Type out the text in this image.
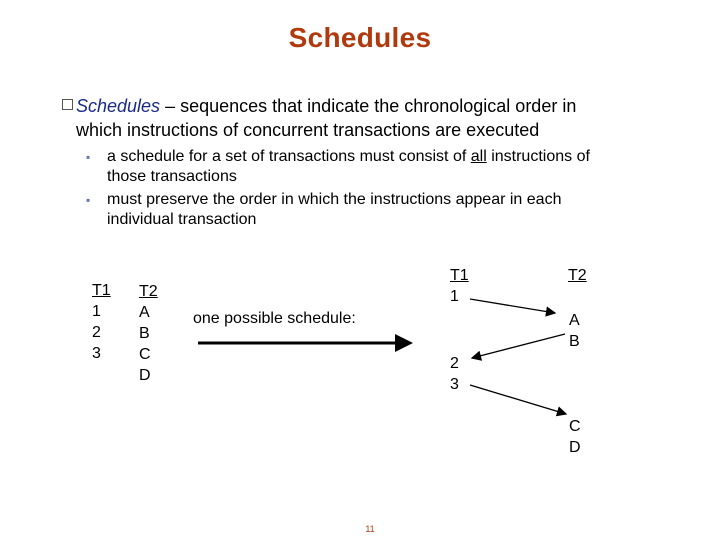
Schedules
Schedules – sequences that indicate the chronological order in
which instructions of concurrent transactions are executed
▪ a schedule for a set of transactions must consist of all instructions of
those transactions
▪ must preserve the order in which the instructions appear in each
individual transaction
T1
1
2
3
T2
A
B
C
D
one possible schedule:
T1
1
T2
A
B
2
3
C
D
11
